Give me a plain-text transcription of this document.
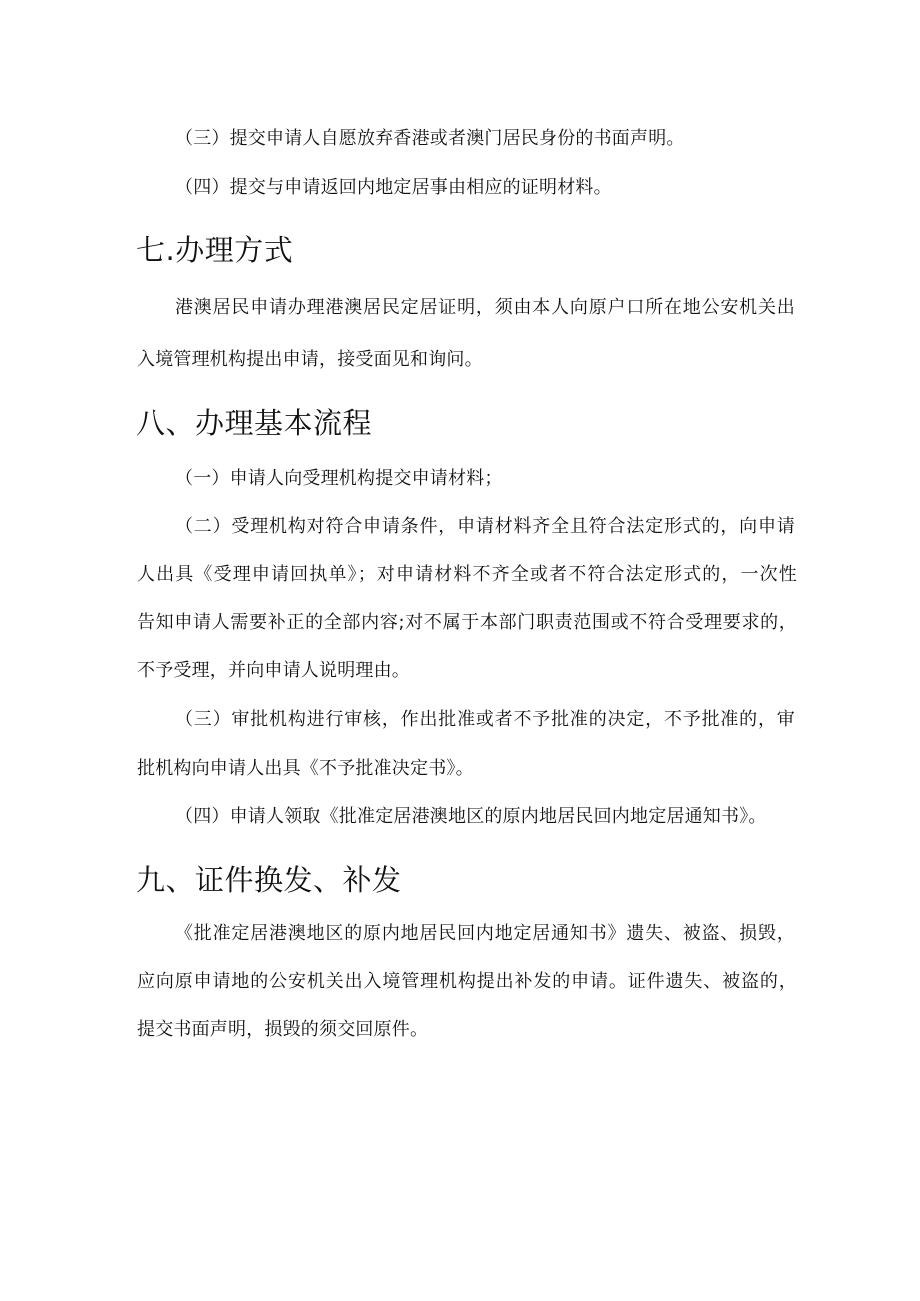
（三）提交申请人自愿放弃香港或者澳门居民身份的书面声明。
（四）提交与申请返回内地定居事由相应的证明材料。
七.办理方式
港澳居民申请办理港澳居民定居证明，须由本人向原户口所在地公安机关出
入境管理机构提出申请，接受面见和询问。
八、办理基本流程
（一）申请人向受理机构提交申请材料；
（二）受理机构对符合申请条件，申请材料齐全且符合法定形式的，向申请
人出具《受理申请回执单》；对申请材料不齐全或者不符合法定形式的，一次性
告知申请人需要补正的全部内容;对不属于本部门职责范围或不符合受理要求的，
不予受理，并向申请人说明理由。
（三）审批机构进行审核，作出批准或者不予批准的决定，不予批准的，审
批机构向申请人出具《不予批准决定书》。
（四）申请人领取《批准定居港澳地区的原内地居民回内地定居通知书》。
九、证件换发、补发
《批准定居港澳地区的原内地居民回内地定居通知书》遗失、被盗、损毁，
应向原申请地的公安机关出入境管理机构提出补发的申请。证件遗失、被盗的，
提交书面声明，损毁的须交回原件。
